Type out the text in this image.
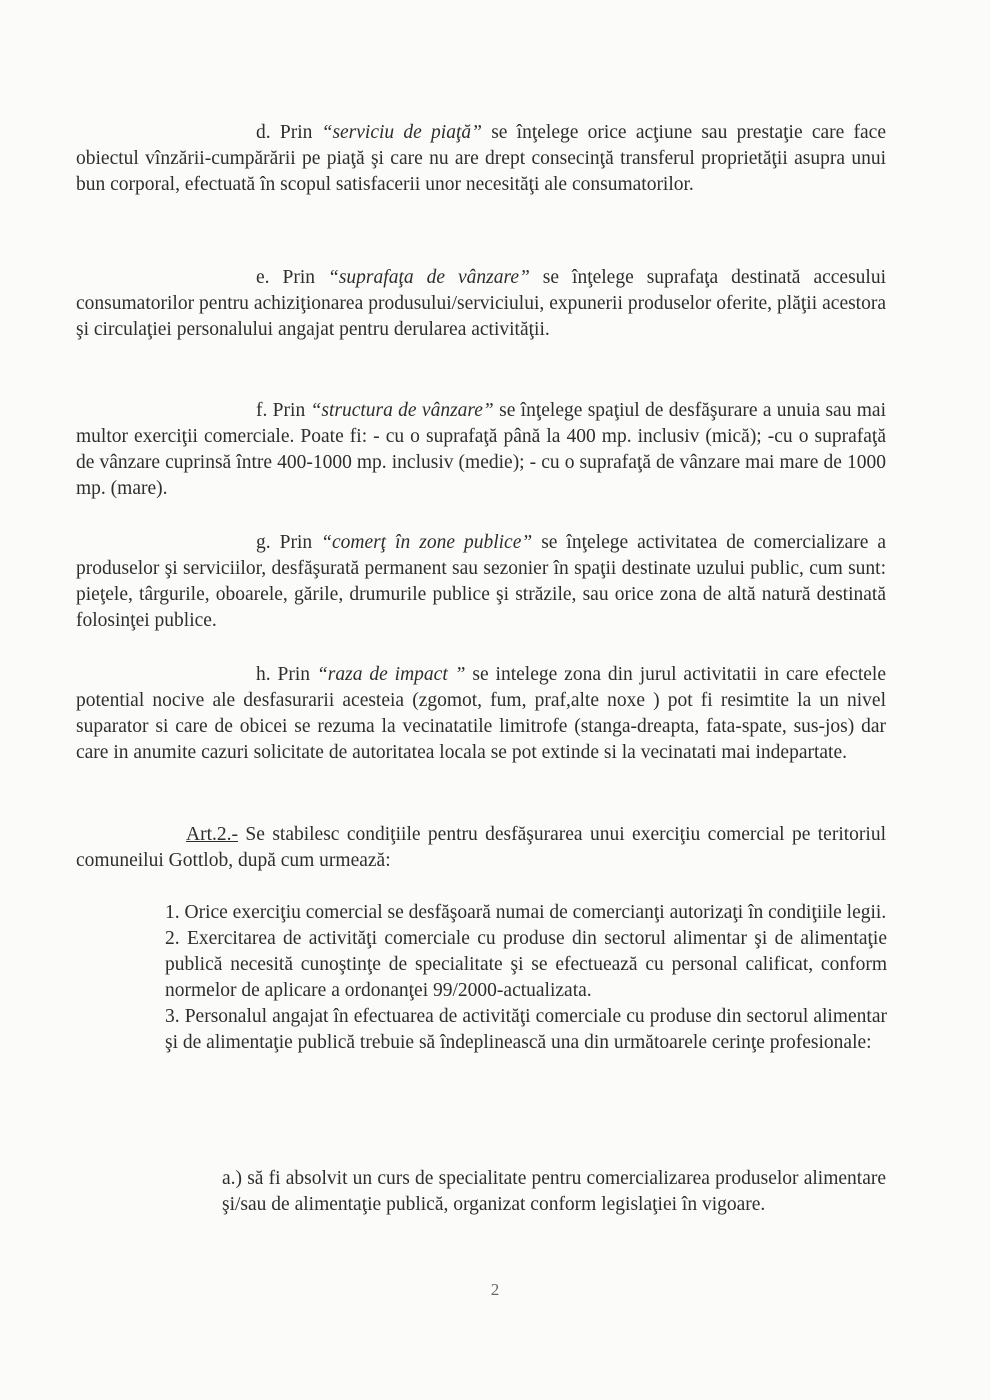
d. Prin “serviciu de piaţă” se înţelege orice acţiune sau prestaţie care face obiectul vînzării-cumpărării pe piaţă şi care nu are drept consecinţă transferul proprietăţii asupra unui bun corporal, efectuată în scopul satisfacerii unor necesităţi ale consumatorilor.

e. Prin “suprafaţa de vânzare” se înţelege suprafaţa destinată accesului consumatorilor pentru achiziţionarea produsului/serviciului, expunerii produselor oferite, plăţii acestora şi circulaţiei personalului angajat pentru derularea activităţii.

f. Prin “structura de vânzare” se înţelege spaţiul de desfăşurare a unuia sau mai multor exerciţii comerciale. Poate fi: - cu o suprafaţă până la 400 mp. inclusiv (mică); -cu o suprafaţă de vânzare cuprinsă între 400-1000 mp. inclusiv (medie); - cu o suprafaţă de vânzare mai mare de 1000 mp. (mare).

g. Prin “comerţ în zone publice” se înţelege activitatea de comercializare a produselor şi serviciilor, desfăşurată permanent sau sezonier în spaţii destinate uzului public, cum sunt: pieţele, târgurile, oboarele, gările, drumurile publice şi străzile, sau orice zona de altă natură destinată folosinţei publice.

h. Prin “raza de impact ” se intelege zona din jurul activitatii in care efectele potential nocive ale desfasurarii acesteia (zgomot, fum, praf,alte noxe ) pot fi resimtite la un nivel suparator si care de obicei se rezuma la vecinatatile limitrofe (stanga-dreapta, fata-spate, sus-jos) dar care in anumite cazuri solicitate de autoritatea locala se pot extinde si la vecinatati mai indepartate.

Art.2.- Se stabilesc condiţiile pentru desfăşurarea unui exerciţiu comercial pe teritoriul comuneilui Gottlob, după cum urmează:

1. Orice exerciţiu comercial se desfăşoară numai de comercianţi autorizaţi în condiţiile legii.

2. Exercitarea de activităţi comerciale cu produse din sectorul alimentar şi de alimentaţie publică necesită cunoştinţe de specialitate şi se efectuează cu personal calificat, conform normelor de aplicare a ordonanţei 99/2000-actualizata.

3. Personalul angajat în efectuarea de activităţi comerciale cu produse din sectorul alimentar şi de alimentaţie publică trebuie să îndeplinească una din următoarele cerinţe profesionale:

a.) să fi absolvit un curs de specialitate pentru comercializarea produselor alimentare şi/sau de alimentaţie publică, organizat conform legislaţiei în vigoare.

2
